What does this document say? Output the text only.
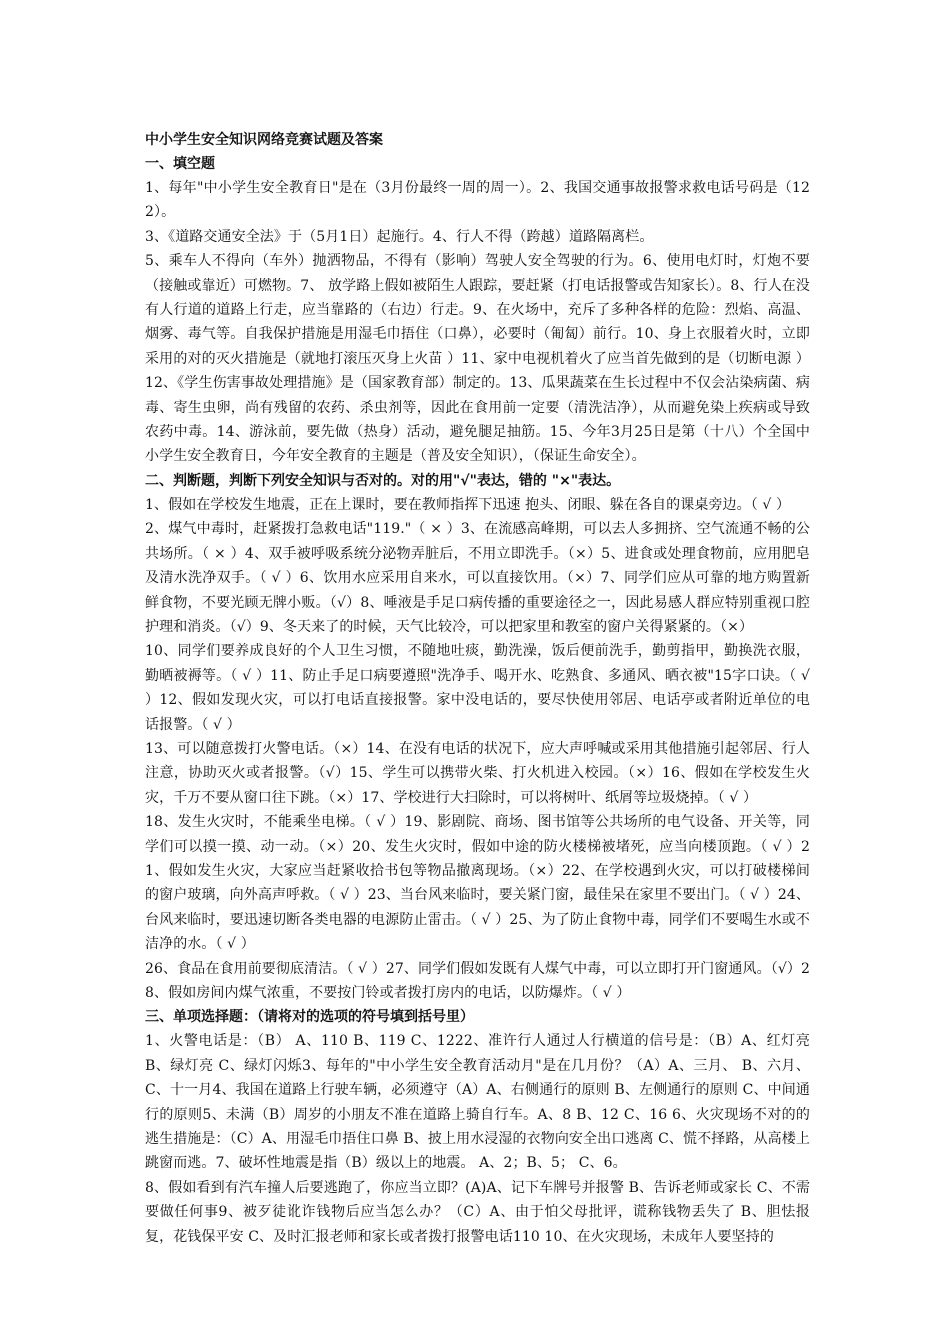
中小学生安全知识网络竞赛试题及答案

一、填空题

1、每年"中小学生安全教育日"是在（3月份最终一周的周一）。2、我国交通事故报警求救电话号码是（122）。

3、《道路交通安全法》于（5月1日）起施行。4、行人不得（跨越）道路隔离栏。

5、乘车人不得向（车外）抛洒物品，不得有（影响）驾驶人安全驾驶的行为。6、使用电灯时，灯炮不要（接触或靠近）可燃物。7、 放学路上假如被陌生人跟踪，要赶紧（打电话报警或告知家长）。8、行人在没有人行道的道路上行走，应当靠路的（右边）行走。9、在火场中，充斥了多种各样的危险：烈焰、高温、烟雾、毒气等。自我保护措施是用湿毛巾捂住（口鼻），必要时（匍匐）前行。10、身上衣服着火时，立即采用的对的灭火措施是（就地打滚压灭身上火苗 ）11、家中电视机着火了应当首先做到的是（切断电源 ）12、《学生伤害事故处理措施》是（国家教育部）制定的。13、瓜果蔬菜在生长过程中不仅会沾染病菌、病毒、寄生虫卵，尚有残留的农药、杀虫剂等，因此在食用前一定要（清洗洁净），从而避免染上疾病或导致农药中毒。14、游泳前，要先做（热身）活动，避免腿足抽筋。15、今年3月25日是第（十八）个全国中小学生安全教育日，今年安全教育的主题是（普及安全知识），（保证生命安全）。

二、判断题，判断下列安全知识与否对的。对的用"√"表达，错的 "×"表达。

1、假如在学校发生地震，正在上课时，要在教师指挥下迅速 抱头、闭眼、躲在各自的课桌旁边。（ √ ）

2、煤气中毒时，赶紧拨打急救电话"119."（ × ）3、在流感高峰期，可以去人多拥挤、空气流通不畅的公共场所。（ × ）4、双手被呼吸系统分泌物弄脏后，不用立即洗手。（×）5、进食或处理食物前，应用肥皂及清水洗净双手。（ √ ）6、饮用水应采用自来水，可以直接饮用。（×）7、同学们应从可靠的地方购置新鲜食物，不要光顾无牌小贩。（√）8、唾液是手足口病传播的重要途径之一，因此易感人群应特别重视口腔护理和消炎。（√）9、冬天来了的时候，天气比较冷，可以把家里和教室的窗户关得紧紧的。（×）

10、同学们要养成良好的个人卫生习惯，不随地吐痰，勤洗澡，饭后便前洗手，勤剪指甲，勤换洗衣服，勤晒被褥等。（ √ ）11、防止手足口病要遵照"洗净手、喝开水、吃熟食、多通风、晒衣被"15字口诀。（ √ ）12、假如发现火灾，可以打电话直接报警。家中没电话的，要尽快使用邻居、电话亭或者附近单位的电话报警。（ √ ）

13、可以随意拨打火警电话。（×）14、在没有电话的状况下，应大声呼喊或采用其他措施引起邻居、行人注意，协助灭火或者报警。（√）15、学生可以携带火柴、打火机进入校园。（×）16、假如在学校发生火灾，千万不要从窗口往下跳。（×）17、学校进行大扫除时，可以将树叶、纸屑等垃圾烧掉。（ √ ）

18、发生火灾时，不能乘坐电梯。（ √ ）19、影剧院、商场、图书馆等公共场所的电气设备、开关等，同学们可以摸一摸、动一动。（×）20、发生火灾时，假如中途的防火楼梯被堵死，应当向楼顶跑。（ √ ）21、假如发生火灾，大家应当赶紧收拾书包等物品撤离现场。（×）22、在学校遇到火灾，可以打破楼梯间的窗户玻璃，向外高声呼救。（ √ ）23、当台风来临时，要关紧门窗，最佳呆在家里不要出门。（ √ ）24、台风来临时，要迅速切断各类电器的电源防止雷击。（ √ ）25、为了防止食物中毒，同学们不要喝生水或不洁净的水。（ √ ）

26、食品在食用前要彻底清洁。（ √ ）27、同学们假如发既有人煤气中毒，可以立即打开门窗通风。（√）28、假如房间内煤气浓重，不要按门铃或者拨打房内的电话，以防爆炸。（ √ ）

三、单项选择题：（请将对的选项的符号填到括号里）

1、火警电话是：（B） A、110 B、119 C、1222、准许行人通过人行横道的信号是：（B）A、红灯亮 B、绿灯亮 C、绿灯闪烁3、每年的"中小学生安全教育活动月"是在几月份？（A）A、三月、 B、六月、 C、十一月4、我国在道路上行驶车辆，必须遵守（A）A、右侧通行的原则 B、左侧通行的原则 C、中间通行的原则5、未满（B）周岁的小朋友不准在道路上骑自行车。A、8 B、12 C、16 6、火灾现场不对的的逃生措施是：（C）A、用湿毛巾捂住口鼻 B、披上用水浸湿的衣物向安全出口逃离 C、慌不择路，从高楼上跳窗而逃。7、破坏性地震是指（B）级以上的地震。 A、2；B、5； C、6。

8、假如看到有汽车撞人后要逃跑了，你应当立即？(A)A、记下车牌号并报警 B、告诉老师或家长 C、不需要做任何事9、被歹徒讹诈钱物后应当怎么办？（C）A、由于怕父母批评，谎称钱物丢失了 B、胆怯报复，花钱保平安 C、及时汇报老师和家长或者拨打报警电话110 10、在火灾现场，未成年人要坚持的
